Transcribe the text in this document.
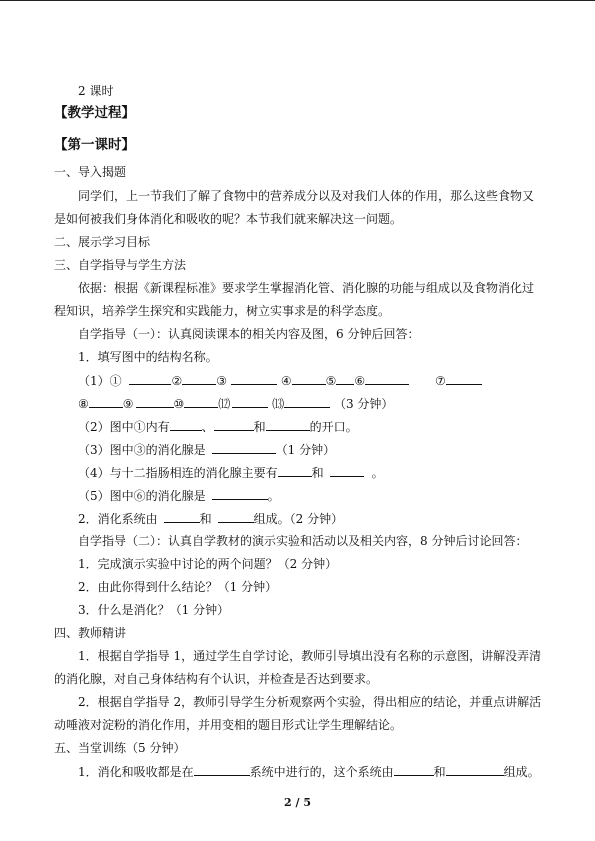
2 课时
【教学过程】
【第一课时】
一、导入揭题
同学们，上一节我们了解了食物中的营养成分以及对我们人体的作用，那么这些食物又
是如何被我们身体消化和吸收的呢？本节我们就来解决这一问题。
二、展示学习目标
三、自学指导与学生方法
依据：根据《新课程标准》要求学生掌握消化管、消化腺的功能与组成以及食物消化过
程知识，培养学生探究和实践能力，树立实事求是的科学态度。
自学指导（一）：认真阅读课本的相关内容及图，6 分钟后回答：
1．填写图中的结构名称。
（1）①	②	③	④	⑤ ⑥	⑦
⑧	⑨	⑩	⑿	⒀	（3 分钟）
（2）图中①内有	、	和	的开口。
（3）图中③的消化腺是	（1 分钟）
（4）与十二指肠相连的消化腺主要有	和	。
（5）图中⑥的消化腺是	。
2．消化系统由	和	组成。（2 分钟）
自学指导（二）：认真自学教材的演示实验和活动以及相关内容，8 分钟后讨论回答：
1．完成演示实验中讨论的两个问题？（2 分钟）
2．由此你得到什么结论？（1 分钟）
3．什么是消化？（1 分钟）
四、教师精讲
1．根据自学指导 1，通过学生自学讨论，教师引导填出没有名称的示意图，讲解没弄清
的消化腺，对自己身体结构有个认识，并检查是否达到要求。
2．根据自学指导 2，教师引导学生分析观察两个实验，得出相应的结论，并重点讲解活
动唾液对淀粉的消化作用，并用变相的题目形式让学生理解结论。
五、当堂训练（5 分钟）
1．消化和吸收都是在	系统中进行的，这个系统由	和	组成。
2 / 5
